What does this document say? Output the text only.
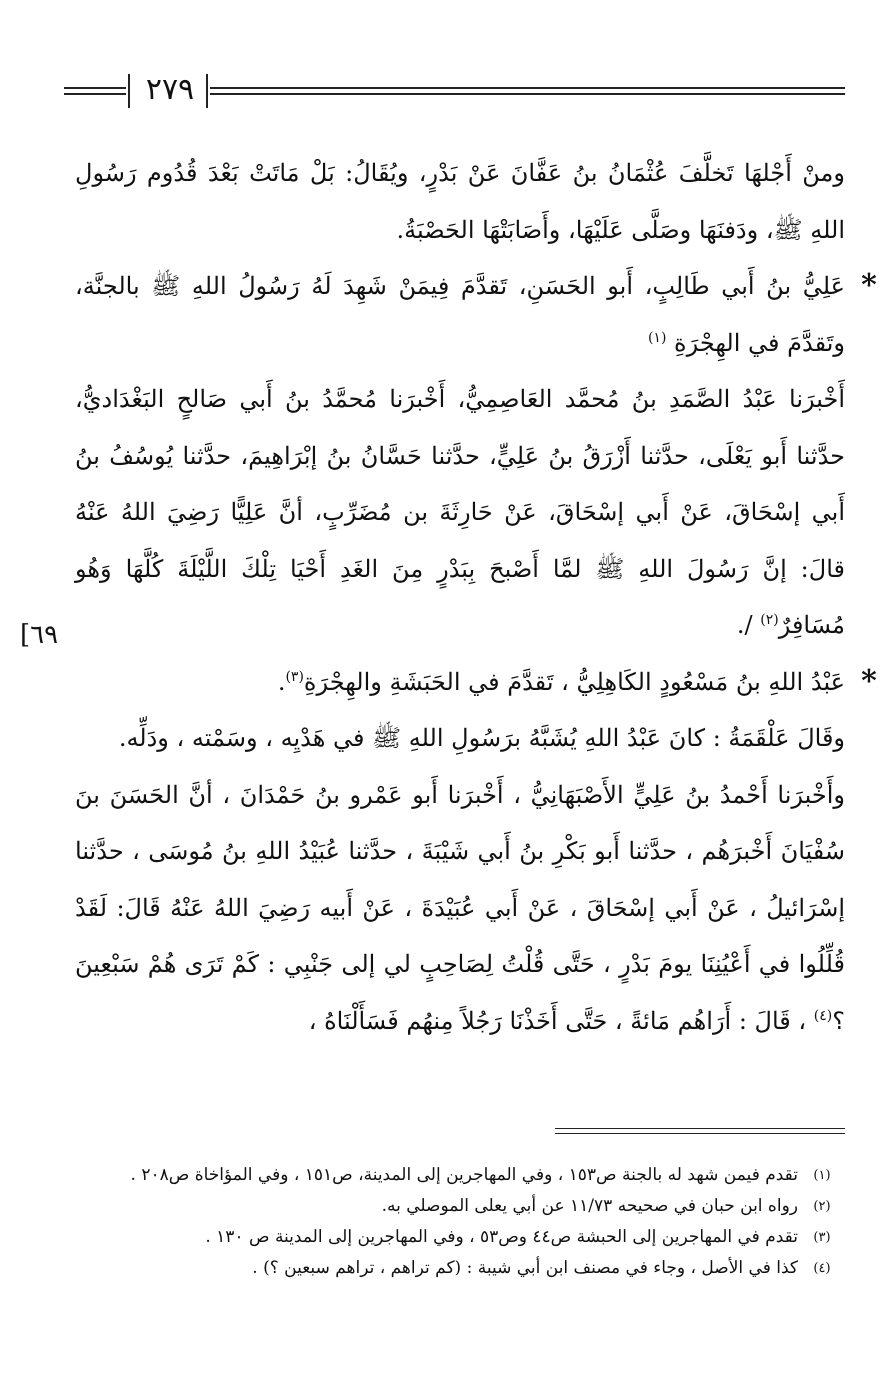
٢٧٩

ومنْ أَجْلهَا تَخلَّفَ عُثْمَانُ بنُ عَفَّانَ عَنْ بَدْرٍ، ويُقَالُ: بَلْ مَاتَتْ بَعْدَ قُدُوم رَسُولِ اللهِ ﷺ، ودَفنَهَا وصَلَّى عَلَيْهَا، وأَصَابَتْهَا الحَصْبَةُ.

*
عَلِيُّ بنُ أَبي طَالِبٍ، أَبو الحَسَنِ، تَقدَّمَ فِيمَنْ شَهِدَ لَهُ رَسُولُ اللهِ ﷺ بالجنَّة، وتَقدَّمَ في الهِجْرَةِ $^{(١)}$

أَخْبرَنا عَبْدُ الصَّمَدِ بنُ مُحمَّد العَاصِمِيُّ، أَخْبرَنا مُحمَّدُ بنُ أَبي صَالحٍ البَغْدَاديُّ، حدَّثنا أَبو يَعْلَى، حدَّثنا أَزْرَقُ بنُ عَلِيٍّ، حدَّثنا حَسَّانُ بنُ إبْرَاهِيمَ، حدَّثنا يُوسُفُ بنُ أَبي إسْحَاقَ، عَنْ أَبي إسْحَاقَ، عَنْ حَارِثَةَ بن مُضَرِّبٍ، أنَّ عَلِيًّا رَضِيَ اللهُ عَنْهُ قالَ: إنَّ رَسُولَ اللهِ ﷺ لمَّا أَصْبحَ بِبَدْرٍ مِنَ الغَدِ أَحْيَا تِلْكَ اللَّيْلَةَ كُلَّهَا وَهُو مُسَافِرٌ$^{(٢)}$ /.

*
عَبْدُ اللهِ بنُ مَسْعُودٍ الكَاهِلِيُّ ، تَقدَّمَ في الحَبَشَةِ والهِجْرَةِ$^{(٣)}$.

وقَالَ عَلْقَمَةُ : كانَ عَبْدُ اللهِ يُشَبَّهُ برَسُولِ اللهِ ﷺ في هَدْيِه ، وسَمْته ، ودَلِّه.

وأَخْبرَنا أَحْمدُ بنُ عَلِيٍّ الأَصْبَهَانِيُّ ، أَخْبرَنا أَبو عَمْرو بنُ حَمْدَانَ ، أنَّ الحَسَنَ بنَ سُفْيَانَ أَخْبرَهُم ، حدَّثنا أَبو بَكْرِ بنُ أَبي شَيْبَةَ ، حدَّثنا عُبَيْدُ اللهِ بنُ مُوسَى ، حدَّثنا إسْرَائيلُ ، عَنْ أَبي إسْحَاقَ ، عَنْ أَبي عُبَيْدَةَ ، عَنْ أَبيه رَضِيَ اللهُ عَنْهُ قَالَ: لَقَدْ قُلِّلُوا في أَعْيُنِنَا يومَ بَدْرٍ ، حَتَّى قُلْتُ لِصَاحِبٍ لي إلى جَنْبِي : كَمْ تَرَى هُمْ سَبْعِينَ ؟$^{(٤)}$ ، قَالَ : أَرَاهُم مَائةً ، حَتَّى أَخَذْنَا رَجُلاً مِنهُم فَسَأَلْنَاهُ ،

[٦٩
(١)
تقدم فيمن شهد له بالجنة ص١٥٣ ، وفي المهاجرين إلى المدينة، ص١٥١ ، وفي المؤاخاة ص٢٠٨ .
(٢)
رواه ابن حبان في صحيحه ١١/٧٣ عن أبي يعلى الموصلي به.
(٣)
تقدم في المهاجرين إلى الحبشة ص٤٤ وص٥٣ ، وفي المهاجرين إلى المدينة ص ١٣٠ .
(٤)
كذا في الأصل ، وجاء في مصنف ابن أبي شيبة : (كم تراهم ، تراهم سبعين ؟) .
